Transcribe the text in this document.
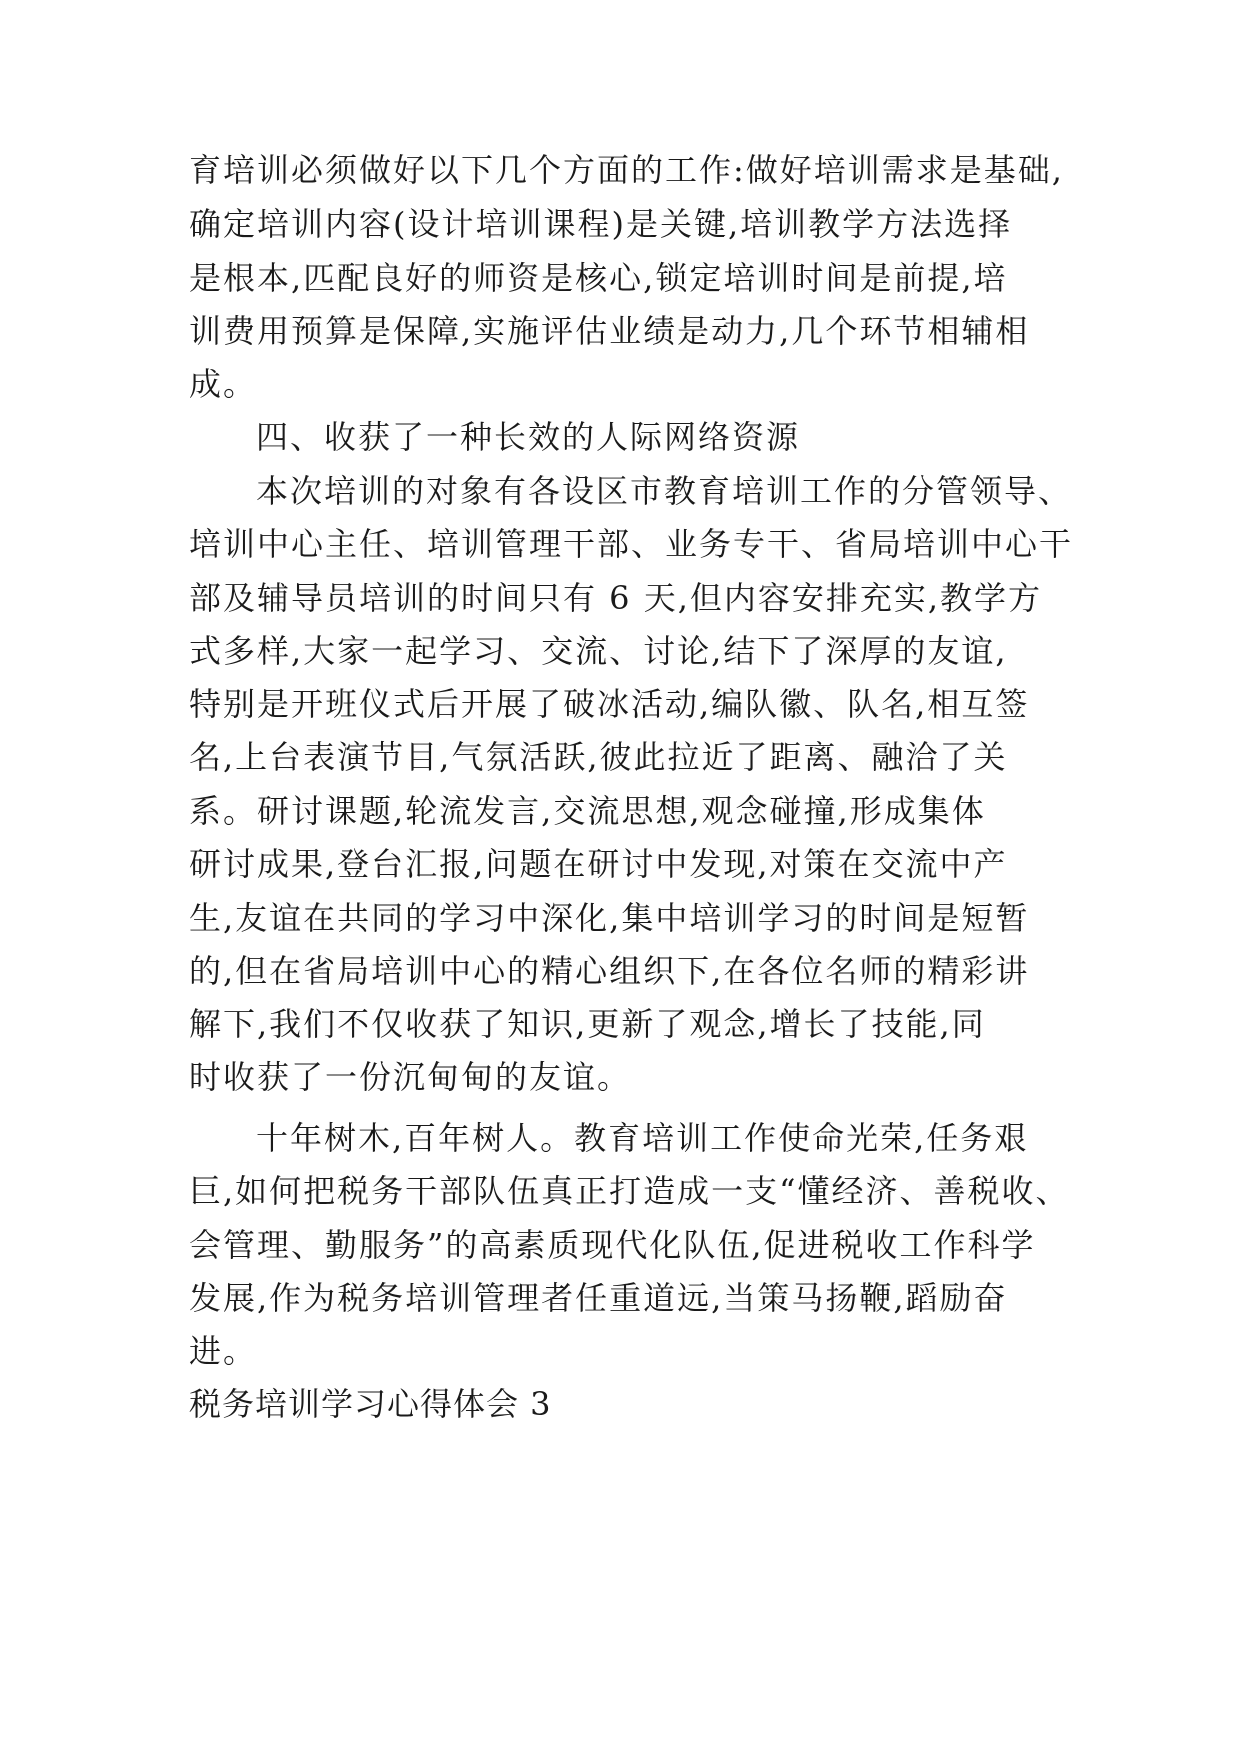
育培训必须做好以下几个方面的工作:做好培训需求是基础,

确定培训内容(设计培训课程)是关键,培训教学方法选择

是根本,匹配良好的师资是核心,锁定培训时间是前提,培

训费用预算是保障,实施评估业绩是动力,几个环节相辅相

成。

四、收获了一种长效的人际网络资源

本次培训的对象有各设区市教育培训工作的分管领导、

培训中心主任、培训管理干部、业务专干、省局培训中心干

部及辅导员培训的时间只有 6 天,但内容安排充实,教学方

式多样,大家一起学习、交流、讨论,结下了深厚的友谊,

特别是开班仪式后开展了破冰活动,编队徽、队名,相互签

名,上台表演节目,气氛活跃,彼此拉近了距离、融洽了关

系。研讨课题,轮流发言,交流思想,观念碰撞,形成集体

研讨成果,登台汇报,问题在研讨中发现,对策在交流中产

生,友谊在共同的学习中深化,集中培训学习的时间是短暂

的,但在省局培训中心的精心组织下,在各位名师的精彩讲

解下,我们不仅收获了知识,更新了观念,增长了技能,同

时收获了一份沉甸甸的友谊。

十年树木,百年树人。教育培训工作使命光荣,任务艰

巨,如何把税务干部队伍真正打造成一支“懂经济、善税收、

会管理、勤服务”的高素质现代化队伍,促进税收工作科学

发展,作为税务培训管理者任重道远,当策马扬鞭,蹈励奋

进。

税务培训学习心得体会 3
